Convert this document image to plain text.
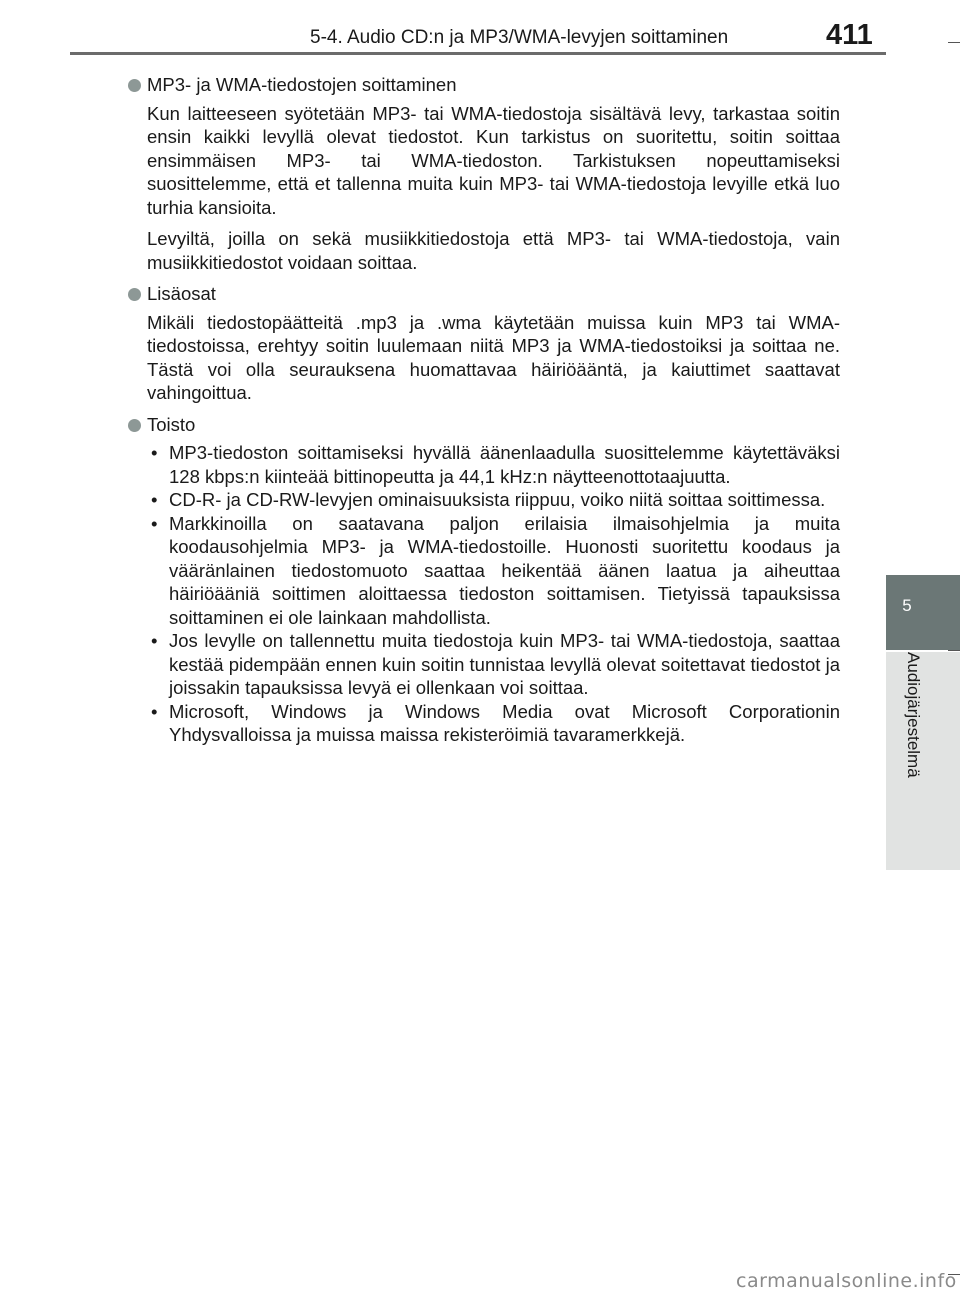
5-4. Audio CD:n ja MP3/WMA-levyjen soittaminen	411
5
Audiojärjestelmä
MP3- ja WMA-tiedostojen soittaminen

Kun laitteeseen syötetään MP3- tai WMA-tiedostoja sisältävä levy, tarkastaa soitin ensin kaikki levyllä olevat tiedostot. Kun tarkistus on suoritettu, soitin soittaa ensimmäisen MP3- tai WMA-tiedoston. Tarkistuksen nopeuttamiseksi suosittelemme, että et tallenna muita kuin MP3- tai WMA-tiedostoja levyille etkä luo turhia kansioita.

Levyiltä, joilla on sekä musiikkitiedostoja että MP3- tai WMA-tiedostoja, vain musiikkitiedostot voidaan soittaa.

Lisäosat

Mikäli tiedostopäätteitä .mp3 ja .wma käytetään muissa kuin MP3 tai WMA-tiedostoissa, erehtyy soitin luulemaan niitä MP3 ja WMA-tiedostoiksi ja soittaa ne. Tästä voi olla seurauksena huomattavaa häiriöääntä, ja kaiuttimet saattavat vahingoittua.

Toisto
• MP3-tiedoston soittamiseksi hyvällä äänenlaadulla suosittelemme käytettäväksi 128 kbps:n kiinteää bittinopeutta ja 44,1 kHz:n näytteenottotaajuutta.
• CD-R- ja CD-RW-levyjen ominaisuuksista riippuu, voiko niitä soittaa soittimessa.
• Markkinoilla on saatavana paljon erilaisia ilmaisohjelmia ja muita koodausohjelmia MP3- ja WMA-tiedostoille. Huonosti suoritettu koodaus ja vääränlainen tiedostomuoto saattaa heikentää äänen laatua ja aiheuttaa häiriöääniä soittimen aloittaessa tiedoston soittamisen. Tietyissä tapauksissa soittaminen ei ole lainkaan mahdollista.
• Jos levylle on tallennettu muita tiedostoja kuin MP3- tai WMA-tiedostoja, saattaa kestää pidempään ennen kuin soitin tunnistaa levyllä olevat soitettavat tiedostot ja joissakin tapauksissa levyä ei ollenkaan voi soittaa.
• Microsoft, Windows ja Windows Media ovat Microsoft Corporationin Yhdysvalloissa ja muissa maissa rekisteröimiä tavaramerkkejä.
carmanualsonline.info
